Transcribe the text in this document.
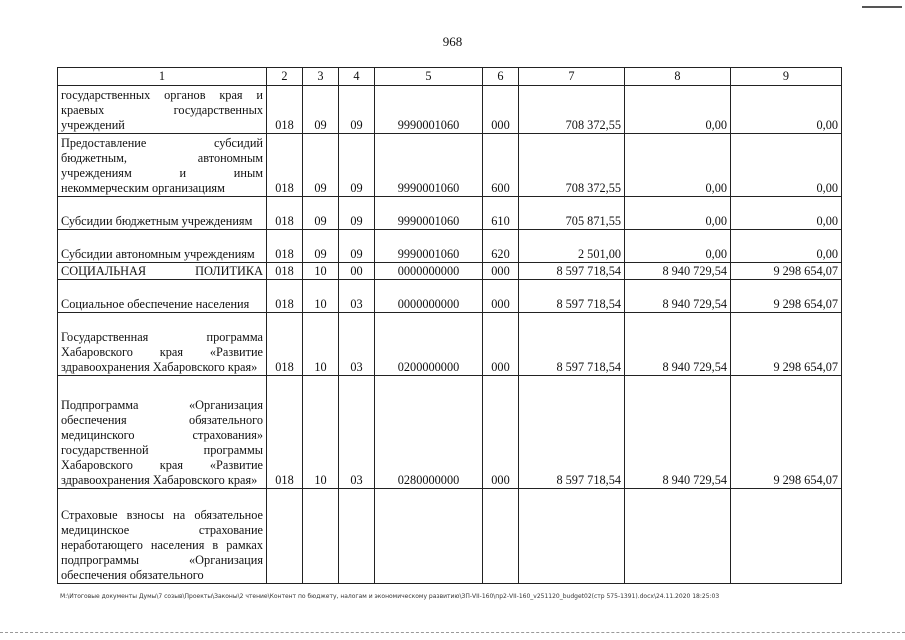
968
1	2	3	4	5	6	7	8	9
государственных органов края и краевых государственных учреждений	018	09	09	9990001060	000	708 372,55	0,00	0,00
Предоставление субсидий бюджетным, автономным учреждениям и иным некоммерческим организациям	018	09	09	9990001060	600	708 372,55	0,00	0,00
Субсидии бюджетным учреждениям	018	09	09	9990001060	610	705 871,55	0,00	0,00
Субсидии автономным учреждениям	018	09	09	9990001060	620	2 501,00	0,00	0,00
СОЦИАЛЬНАЯ ПОЛИТИКА	018	10	00	0000000000	000	8 597 718,54	8 940 729,54	9 298 654,07
Социальное обеспечение населения	018	10	03	0000000000	000	8 597 718,54	8 940 729,54	9 298 654,07
Государственная программа Хабаровского края «Развитие здравоохранения Хабаровского края»	018	10	03	0200000000	000	8 597 718,54	8 940 729,54	9 298 654,07
Подпрограмма «Организация обеспечения обязательного медицинского страхования» государственной программы Хабаровского края «Развитие здравоохранения Хабаровского края»	018	10	03	0280000000	000	8 597 718,54	8 940 729,54	9 298 654,07
Страховые взносы на обязательное медицинское страхование неработающего населения в рамках подпрограммы «Организация обеспечения обязательного								
М:\Итоговые документы Думы\7 созыв\Проекты\Законы\2 чтение\Контент по бюджету, налогам и экономическому развитию\ЗП-VII-160\пр2-VII-160_v251120_budget02(стр 575-1391).docx\24.11.2020 18:25:03
